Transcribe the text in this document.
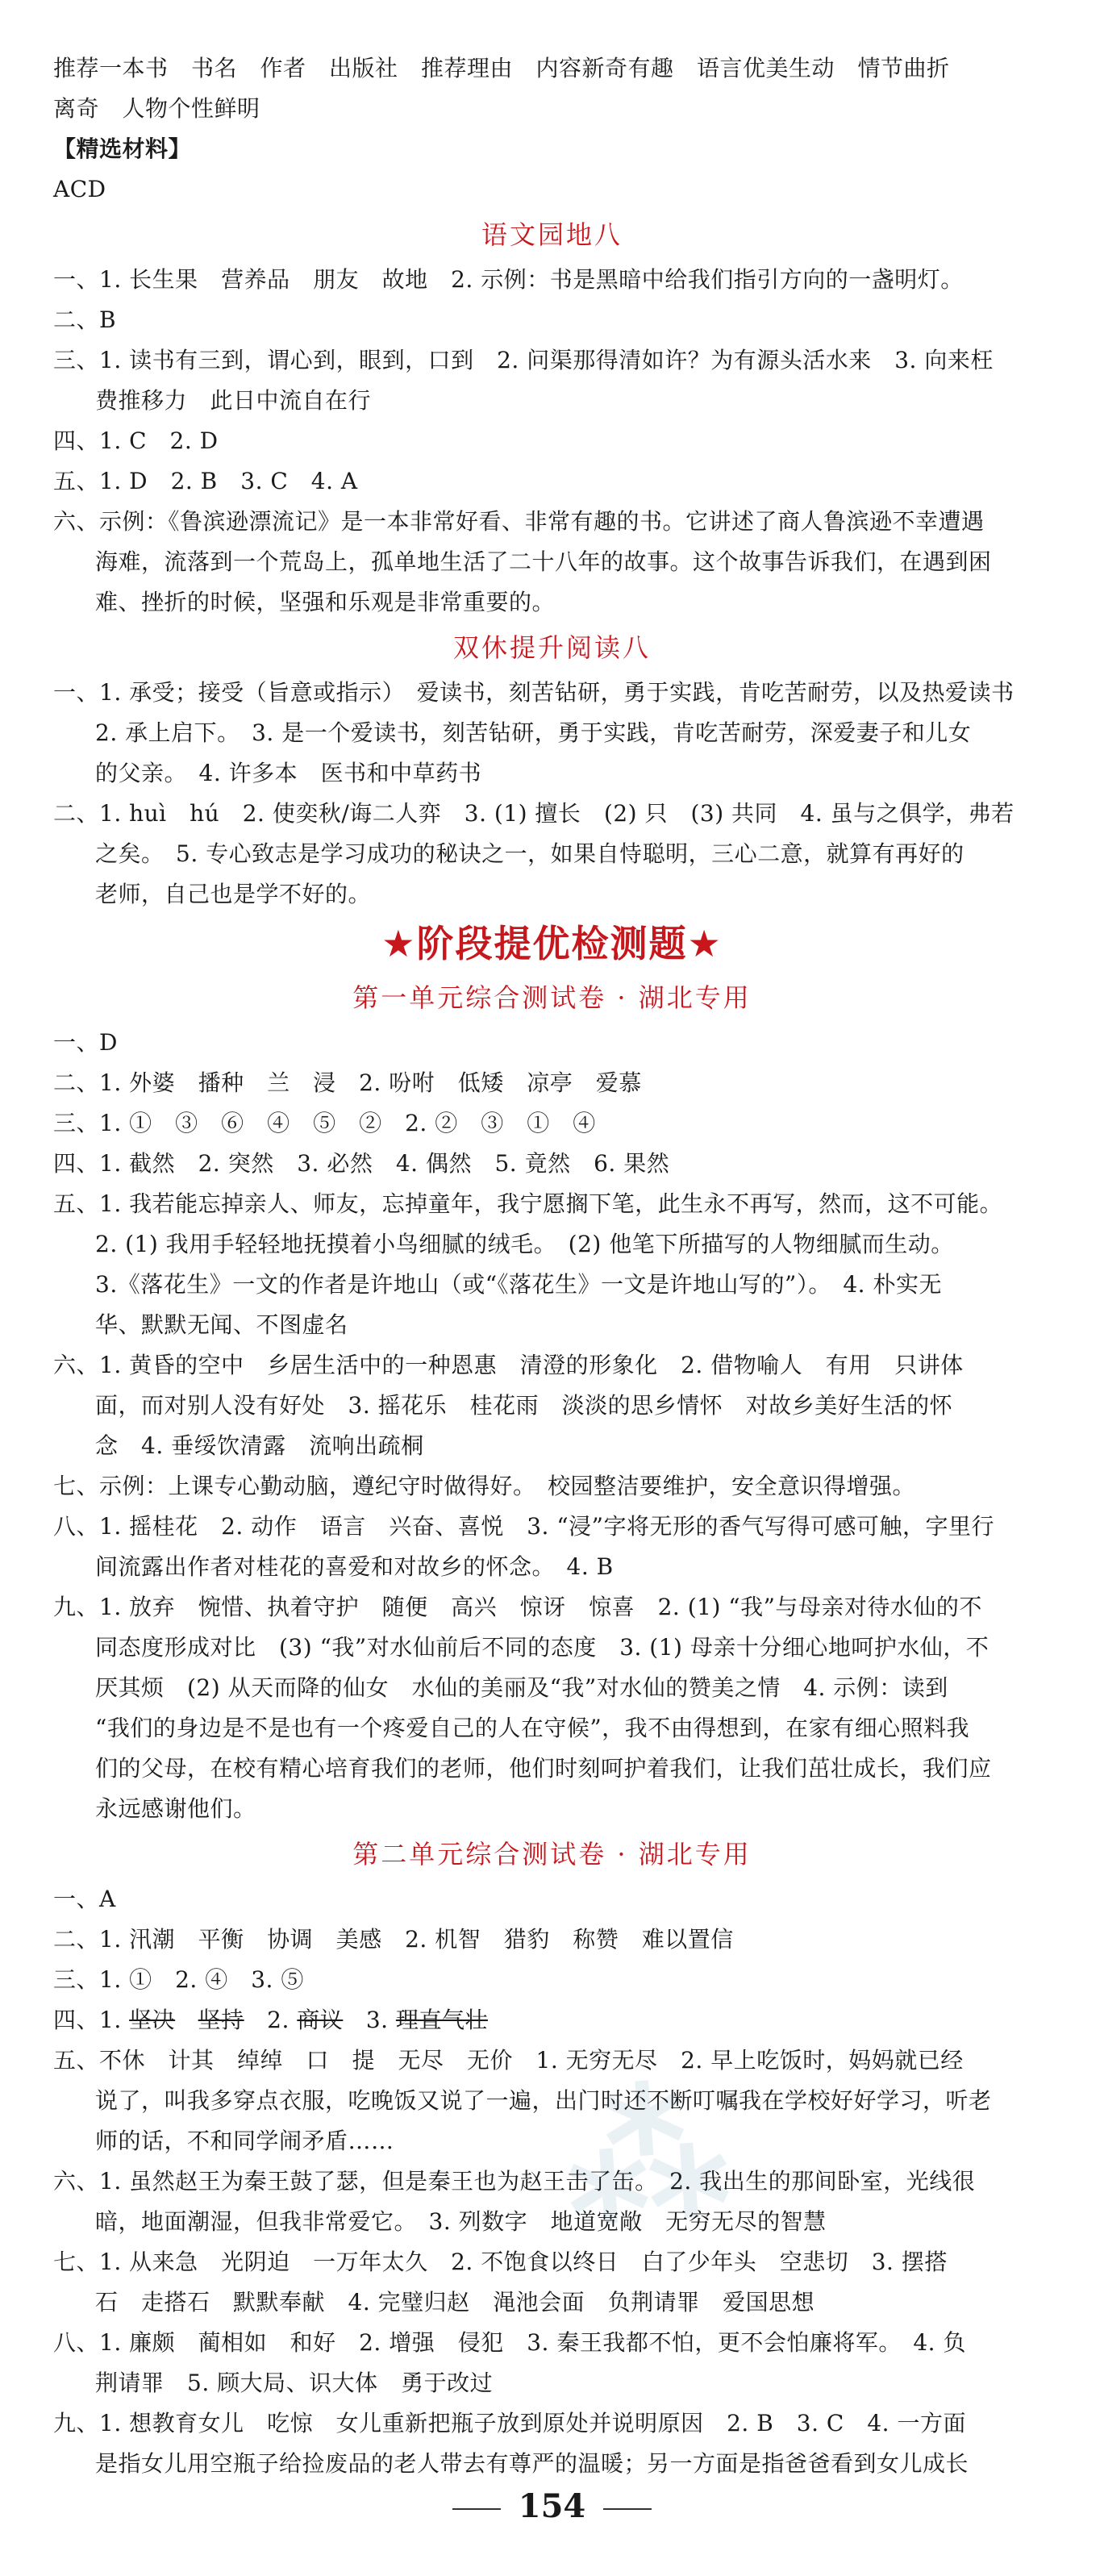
推荐一本书　书名　作者　出版社　推荐理由　内容新奇有趣　语言优美生动　情节曲折
离奇　人物个性鲜明
【精选材料】
ACD
语文园地八
一、1. 长生果　营养品　朋友　故地　2. 示例：书是黑暗中给我们指引方向的一盏明灯。
二、B
三、1. 读书有三到，谓心到，眼到，口到　2. 问渠那得清如许？为有源头活水来　3. 向来枉
费推移力　此日中流自在行
四、1. C　2. D
五、1. D　2. B　3. C　4. A
六、示例：《鲁滨逊漂流记》是一本非常好看、非常有趣的书。它讲述了商人鲁滨逊不幸遭遇
海难，流落到一个荒岛上，孤单地生活了二十八年的故事。这个故事告诉我们，在遇到困
难、挫折的时候，坚强和乐观是非常重要的。
双休提升阅读八
一、1. 承受；接受（旨意或指示）　爱读书，刻苦钻研，勇于实践，肯吃苦耐劳，以及热爱读书
2. 承上启下。　3. 是一个爱读书，刻苦钻研，勇于实践，肯吃苦耐劳，深爱妻子和儿女
的父亲。　4. 许多本　医书和中草药书
二、1. huì　hú　2. 使奕秋/诲二人弈　3. (1) 擅长　(2) 只　(3) 共同　4. 虽与之俱学，弗若
之矣。　5. 专心致志是学习成功的秘诀之一，如果自恃聪明，三心二意，就算有再好的
老师，自己也是学不好的。
★阶段提优检测题★
第一单元综合测试卷 · 湖北专用
一、D
二、1. 外婆　播种　兰　浸　2. 吩咐　低矮　凉亭　爱慕
三、1. ①　③　⑥　④　⑤　②　2. ②　③　①　④
四、1. 截然　2. 突然　3. 必然　4. 偶然　5. 竟然　6. 果然
五、1. 我若能忘掉亲人、师友，忘掉童年，我宁愿搁下笔，此生永不再写，然而，这不可能。
2. (1) 我用手轻轻地抚摸着小鸟细腻的绒毛。　(2) 他笔下所描写的人物细腻而生动。
3.《落花生》一文的作者是许地山（或“《落花生》一文是许地山写的”）。　4. 朴实无
华、默默无闻、不图虚名
六、1. 黄昏的空中　乡居生活中的一种恩惠　清澄的形象化　2. 借物喻人　有用　只讲体
面，而对别人没有好处　3. 摇花乐　桂花雨　淡淡的思乡情怀　对故乡美好生活的怀
念　4. 垂绥饮清露　流响出疏桐
七、示例：上课专心勤动脑，遵纪守时做得好。　校园整洁要维护，安全意识得增强。
八、1. 摇桂花　2. 动作　语言　兴奋、喜悦　3. “浸”字将无形的香气写得可感可触，字里行
间流露出作者对桂花的喜爱和对故乡的怀念。　4. B
九、1. 放弃　惋惜、执着守护　随便　高兴　惊讶　惊喜　2. (1) “我”与母亲对待水仙的不
同态度形成对比　(3) “我”对水仙前后不同的态度　3. (1) 母亲十分细心地呵护水仙，不
厌其烦　(2) 从天而降的仙女　水仙的美丽及“我”对水仙的赞美之情　4. 示例：读到
“我们的身边是不是也有一个疼爱自己的人在守候”，我不由得想到，在家有细心照料我
们的父母，在校有精心培育我们的老师，他们时刻呵护着我们，让我们茁壮成长，我们应
永远感谢他们。
第二单元综合测试卷 · 湖北专用
⁂
一、A
二、1. 汛潮　平衡　协调　美感　2. 机智　猎豹　称赞　难以置信
三、1. ①　2. ④　3. ⑤
四、1. 坚决　 坚持　2. 商议　3. 理直气壮
五、不休　计其　绰绰　口　提　无尽　无价　1. 无穷无尽　2. 早上吃饭时，妈妈就已经
说了，叫我多穿点衣服，吃晚饭又说了一遍，出门时还不断叮嘱我在学校好好学习，听老
师的话，不和同学闹矛盾……
六、1. 虽然赵王为秦王鼓了瑟，但是秦王也为赵王击了缶。　2. 我出生的那间卧室，光线很
暗，地面潮湿，但我非常爱它。　3. 列数字　地道宽敞　无穷无尽的智慧
七、1. 从来急　光阴迫　一万年太久　2. 不饱食以终日　白了少年头　空悲切　3. 摆搭
石　走搭石　默默奉献　4. 完璧归赵　渑池会面　负荆请罪　爱国思想
八、1. 廉颇　蔺相如　和好　2. 增强　侵犯　3. 秦王我都不怕，更不会怕廉将军。　4. 负
荆请罪　5. 顾大局、识大体　勇于改过
九、1. 想教育女儿　吃惊　女儿重新把瓶子放到原处并说明原因　2. B　3. C　4. 一方面
是指女儿用空瓶子给捡废品的老人带去有尊严的温暖；另一方面是指爸爸看到女儿成长
154
